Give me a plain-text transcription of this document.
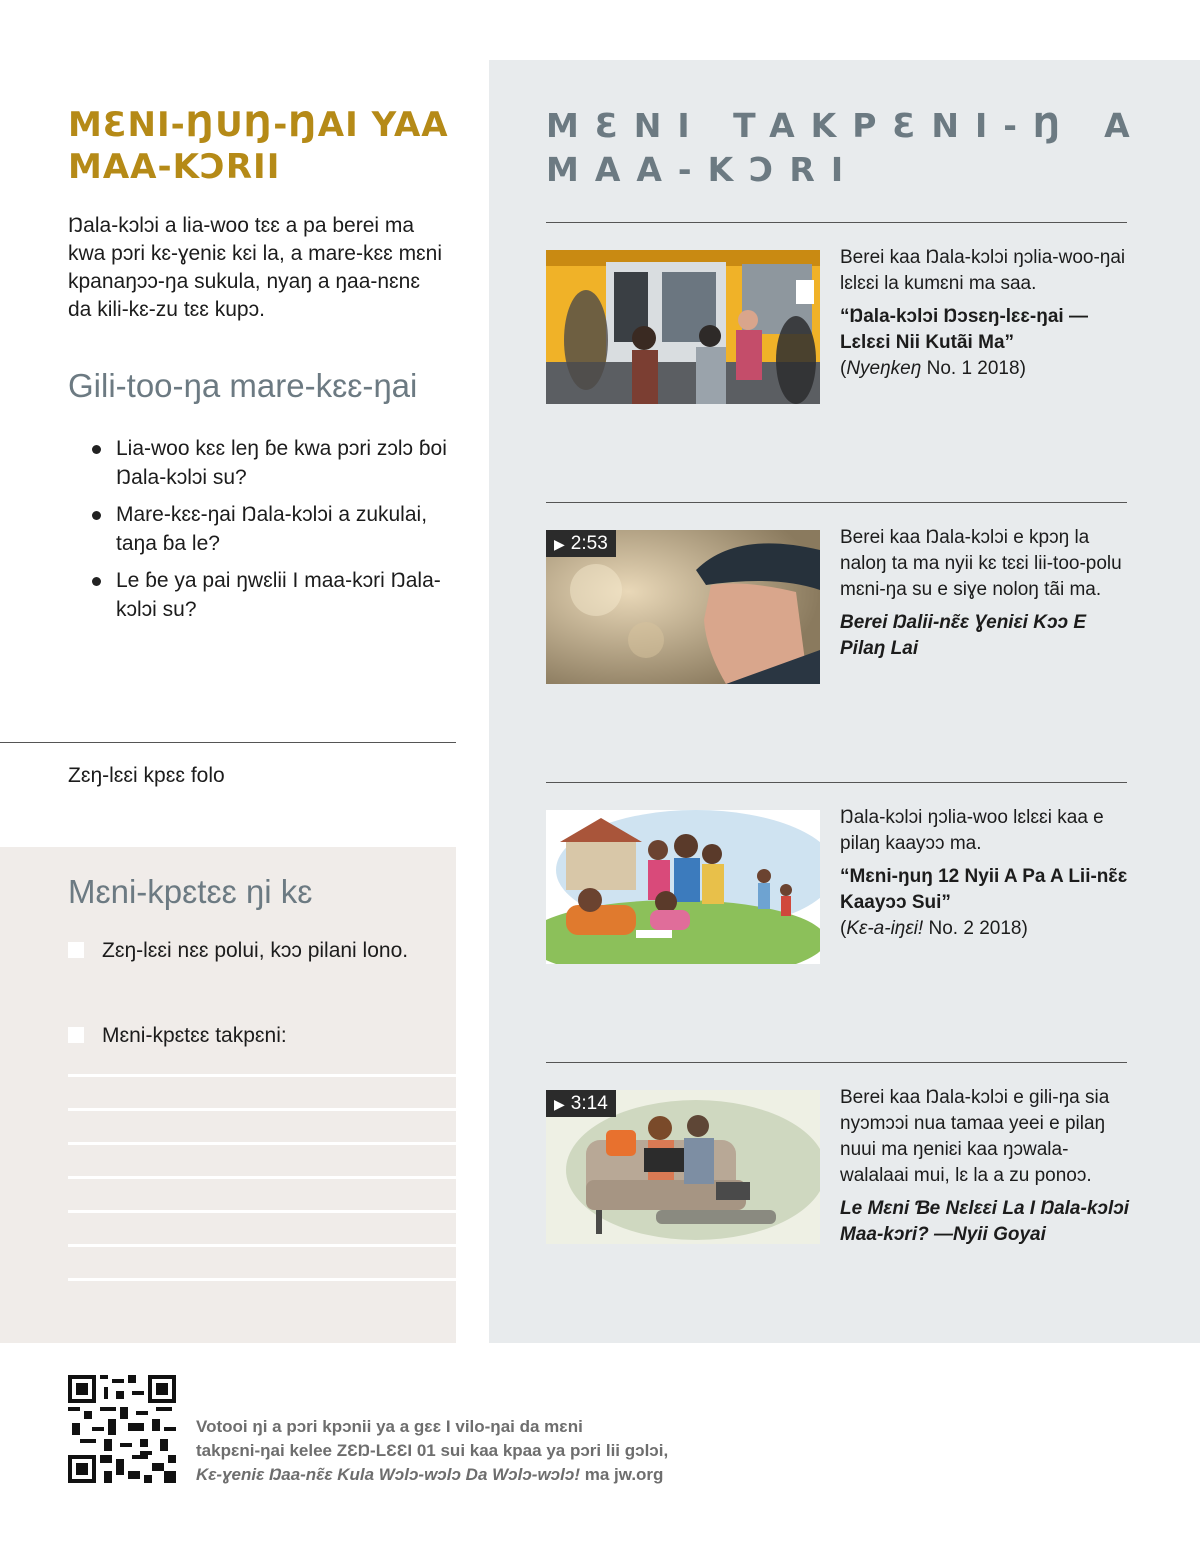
ΜƐΝΙ-ŊUŊ-ŊAI YAA MAA-KƆRII
Ŋala-kɔlɔi a lia-woo tɛɛ a pa berei ma kwa pɔri kɛ-ɣeniɛ kɛi la, a mare-kɛɛ mɛni kpanaŋɔɔ-ŋa sukula, nyaŋ a ŋaa-nɛnɛ da kili-kɛ-zu tɛɛ kupɔ.
Gili-too-ŋa mare-kɛɛ-ŋai
Lia-woo kɛɛ leŋ ɓe kwa pɔri zɔlɔ ɓoi Ŋala-kɔlɔi su?
Mare-kɛɛ-ŋai Ŋala-kɔlɔi a zukulai, taŋa ɓa le?
Le ɓe ya pai ŋwɛlii I maa-kɔri Ŋala-kɔlɔi su?
Zɛŋ-lɛɛi kpɛɛ folo
Mɛni-kpɛtɛɛ ŋi kɛ
Zɛŋ-lɛɛi nɛɛ polui, kɔɔ pilani lono.
Mɛni-kpɛtɛɛ takpɛni:
ΜƐΝΙ TAKPƐΝΙ-Ŋ A MAA-KƆRI
Berei kaa Ŋala-kɔlɔi ŋɔlia-woo-ŋai lɛlɛɛi la kumɛni ma saa.
“Ŋala-kɔlɔi Ŋɔsɛŋ-lɛɛ-ŋai —Lɛlɛɛi Nii Kutãi Ma”
(Nyeŋkeŋ No. 1 2018)
▶ 2:53	Berei kaa Ŋala-kɔlɔi e kpɔŋ la naloŋ ta ma nyii kɛ tɛɛi lii-too-polu mɛni-ŋa su e siɣe noloŋ tãi ma.
Berei Ŋalii-nɛ̃ɛ Ɣeniɛi Kɔɔ E Pilaŋ Lai
Ŋala-kɔlɔi ŋɔlia-woo lɛlɛɛi kaa e pilaŋ kaayɔɔ ma.
“Mɛni-ŋuŋ 12 Nyii A Pa A Lii-nɛ̃ɛ Kaayɔɔ Sui”
(Kɛ-a-iŋɛi! No. 2 2018)
▶ 3:14	Berei kaa Ŋala-kɔlɔi e gili-ŋa sia nyɔmɔɔi nua tamaa yeei e pilaŋ nuui ma ŋeniɛi kaa ŋɔwala-walalaai mui, lɛ la a zu ponoɔ.
Le Mɛni Ɓe Nɛlɛɛi La I Ŋala-kɔlɔi Maa-kɔri? —Nyii Goyai
Votooi ŋi a pɔri kpɔnii ya a gɛɛ I vilo-ŋai da mɛni
takpɛni-ŋai kelee ZƐŊ-LƐƐI 01 sui kaa kpaa ya pɔri lii gɔlɔi,
Kɛ-ɣeniɛ Ŋaa-nɛ̃ɛ Kula Wɔlɔ-wɔlɔ Da Wɔlɔ-wɔlɔ! ma jw.org
